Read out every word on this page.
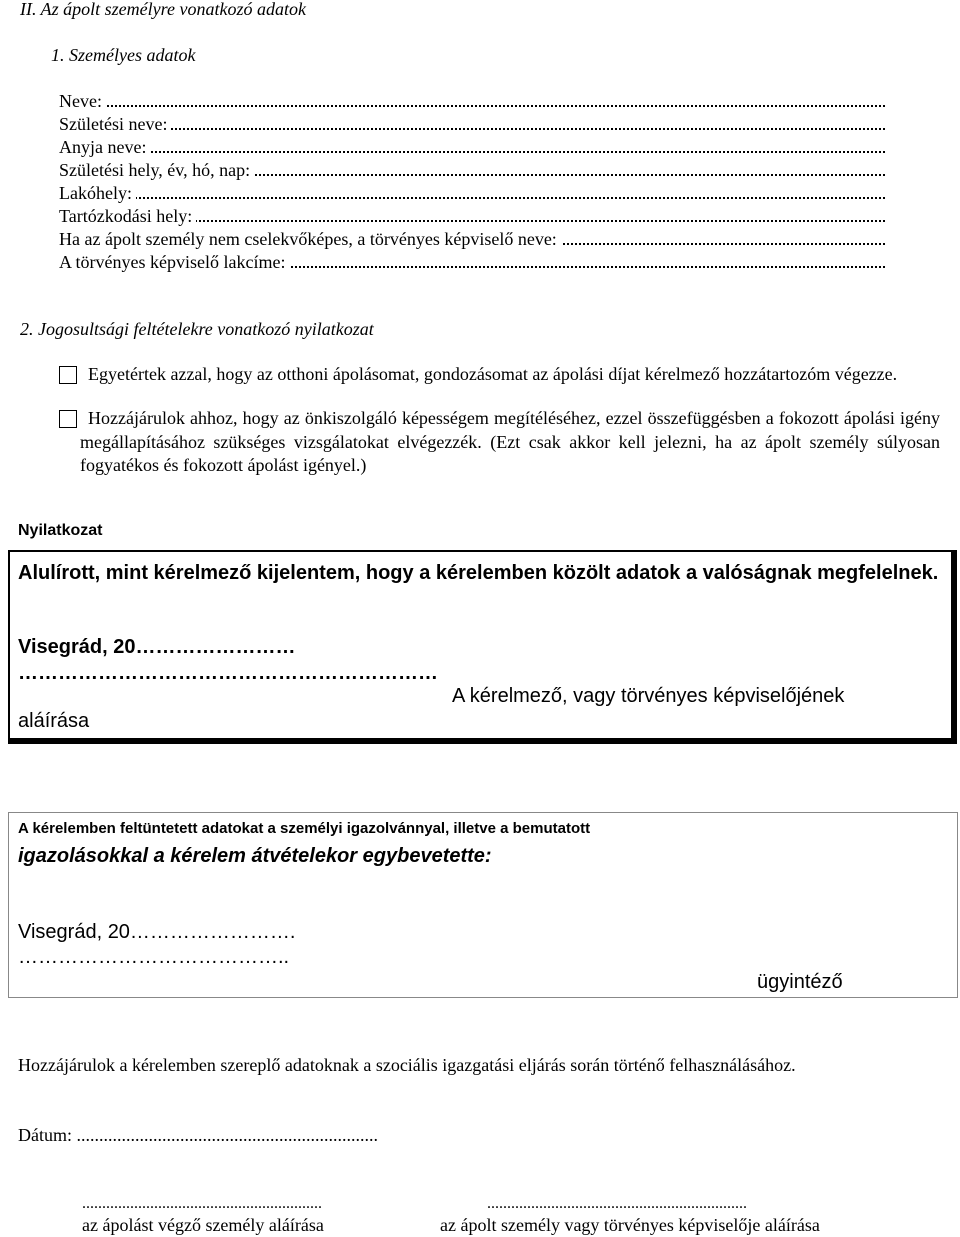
II. Az ápolt személyre vonatkozó adatok
1. Személyes adatok
Neve:
Születési neve:
Anyja neve:
Születési hely, év, hó, nap:
Lakóhely:
Tartózkodási hely:
Ha az ápolt személy nem cselekvőképes, a törvényes képviselő neve:
A törvényes képviselő lakcíme:
2. Jogosultsági feltételekre vonatkozó nyilatkozat
Egyetértek azzal, hogy az otthoni ápolásomat, gondozásomat az ápolási díjat kérelmező hozzátartozóm végezze.
Hozzájárulok ahhoz, hogy az önkiszolgáló képességem megítéléséhez, ezzel összefüggésben a fokozott ápolási igény megállapításához szükséges vizsgálatokat elvégezzék. (Ezt csak akkor kell jelezni, ha az ápolt személy súlyosan fogyatékos és fokozott ápolást igényel.)
Nyilatkozat
Alulírott, mint kérelmező kijelentem, hogy a kérelemben közölt adatok a valóságnak megfelelnek.
Visegrád, 20……………………
………………………………………………………
A kérelmező, vagy törvényes képviselőjének
aláírása
A kérelemben feltüntetett adatokat a személyi igazolvánnyal, illetve a bemutatott
igazolásokkal a kérelem átvételekor egybevetette:
Visegrád, 20…………………….
…………………………………..
ügyintéző
Hozzájárulok a kérelemben szereplő adatoknak a szociális igazgatási eljárás során történő felhasználásához.
Dátum: ...................................................................
............................................................
az ápolást végző személy aláírása
.................................................................
az ápolt személy vagy törvényes képviselője aláírása
